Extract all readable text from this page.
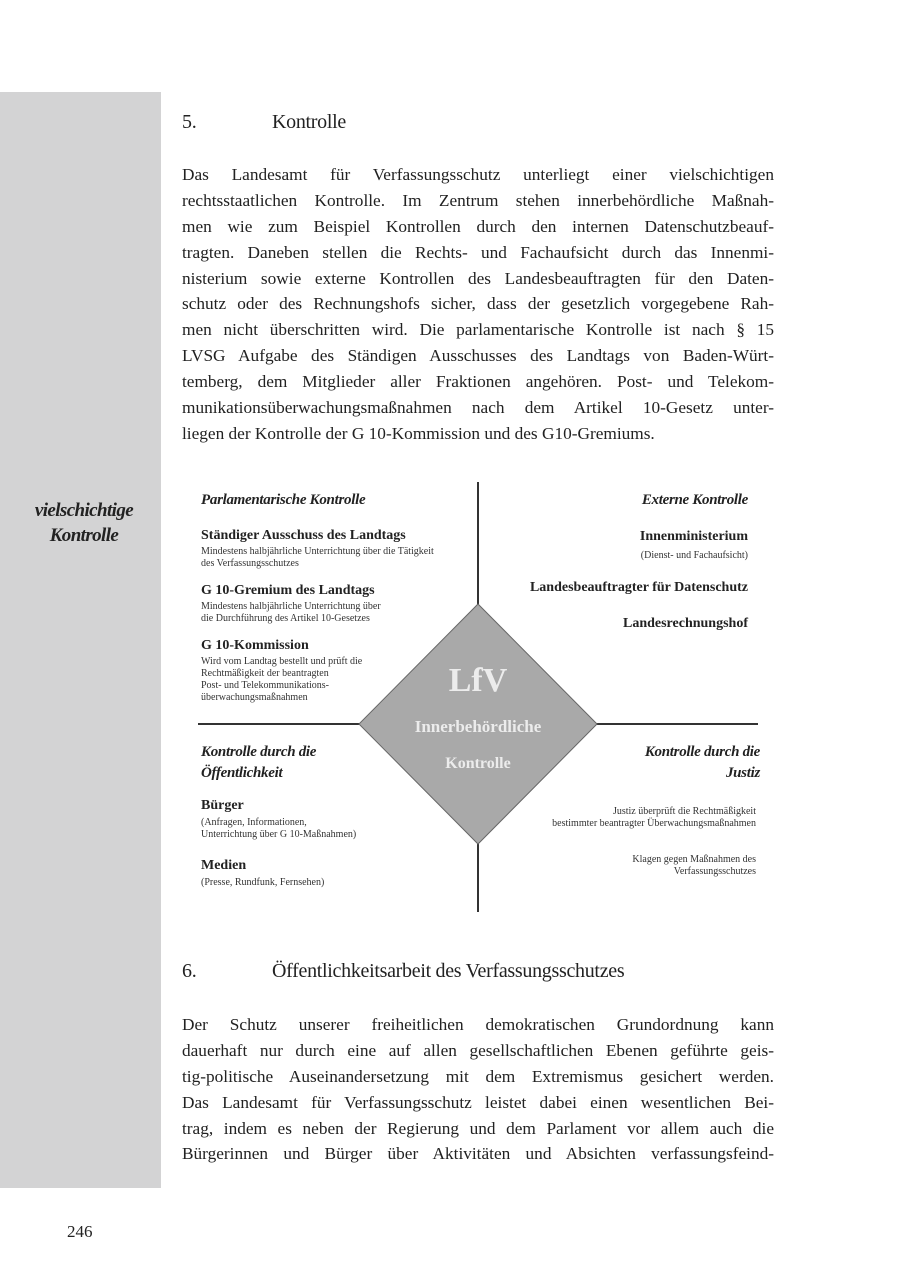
vielschichtige
Kontrolle
5.	Kontrolle
Das Landesamt für Verfassungsschutz unterliegt einer vielschichtigen
rechtsstaatlichen Kontrolle. Im Zentrum stehen innerbehördliche Maßnah-
men wie zum Beispiel Kontrollen durch den internen Datenschutzbeauf-
tragten. Daneben stellen die Rechts- und Fachaufsicht durch das Innenmi-
nisterium sowie externe Kontrollen des Landesbeauftragten für den Daten-
schutz oder des Rechnungshofs sicher, dass der gesetzlich vorgegebene Rah-
men nicht überschritten wird. Die parlamentarische Kontrolle ist nach § 15
LVSG Aufgabe des Ständigen Ausschusses des Landtags von Baden-Würt-
temberg, dem Mitglieder aller Fraktionen angehören. Post- und Telekom-
munikationsüberwachungsmaßnahmen nach dem Artikel 10-Gesetz unter-
liegen der Kontrolle der G 10-Kommission und des G10-Gremiums.
LfV
Innerbehördliche
Kontrolle
Parlamentarische Kontrolle
Ständiger Ausschuss des Landtags
Mindestens halbjährliche Unterrichtung über die Tätigkeit
des Verfassungsschutzes
G 10-Gremium des Landtags
Mindestens halbjährliche Unterrichtung über
die Durchführung des Artikel 10-Gesetzes
G 10-Kommission
Wird vom Landtag bestellt und prüft die
Rechtmäßigkeit der beantragten
Post- und Telekommunikations-
überwachungsmaßnahmen
Externe Kontrolle
Innenministerium
(Dienst- und Fachaufsicht)
Landesbeauftragter für Datenschutz
Landesrechnungshof
Kontrolle durch die
Öffentlichkeit
Bürger
(Anfragen, Informationen,
Unterrichtung über G 10-Maßnahmen)
Medien
(Presse, Rundfunk, Fernsehen)
Kontrolle durch die
Justiz
Justiz überprüft die Rechtmäßigkeit
bestimmter beantragter Überwachungsmaßnahmen
Klagen gegen Maßnahmen des
Verfassungsschutzes
6.	Öffentlichkeitsarbeit des Verfassungsschutzes
Der Schutz unserer freiheitlichen demokratischen Grundordnung kann
dauerhaft nur durch eine auf allen gesellschaftlichen Ebenen geführte geis-
tig-politische Auseinandersetzung mit dem Extremismus gesichert werden.
Das Landesamt für Verfassungsschutz leistet dabei einen wesentlichen Bei-
trag, indem es neben der Regierung und dem Parlament vor allem auch die
Bürgerinnen und Bürger über Aktivitäten und Absichten verfassungsfeind-
246
